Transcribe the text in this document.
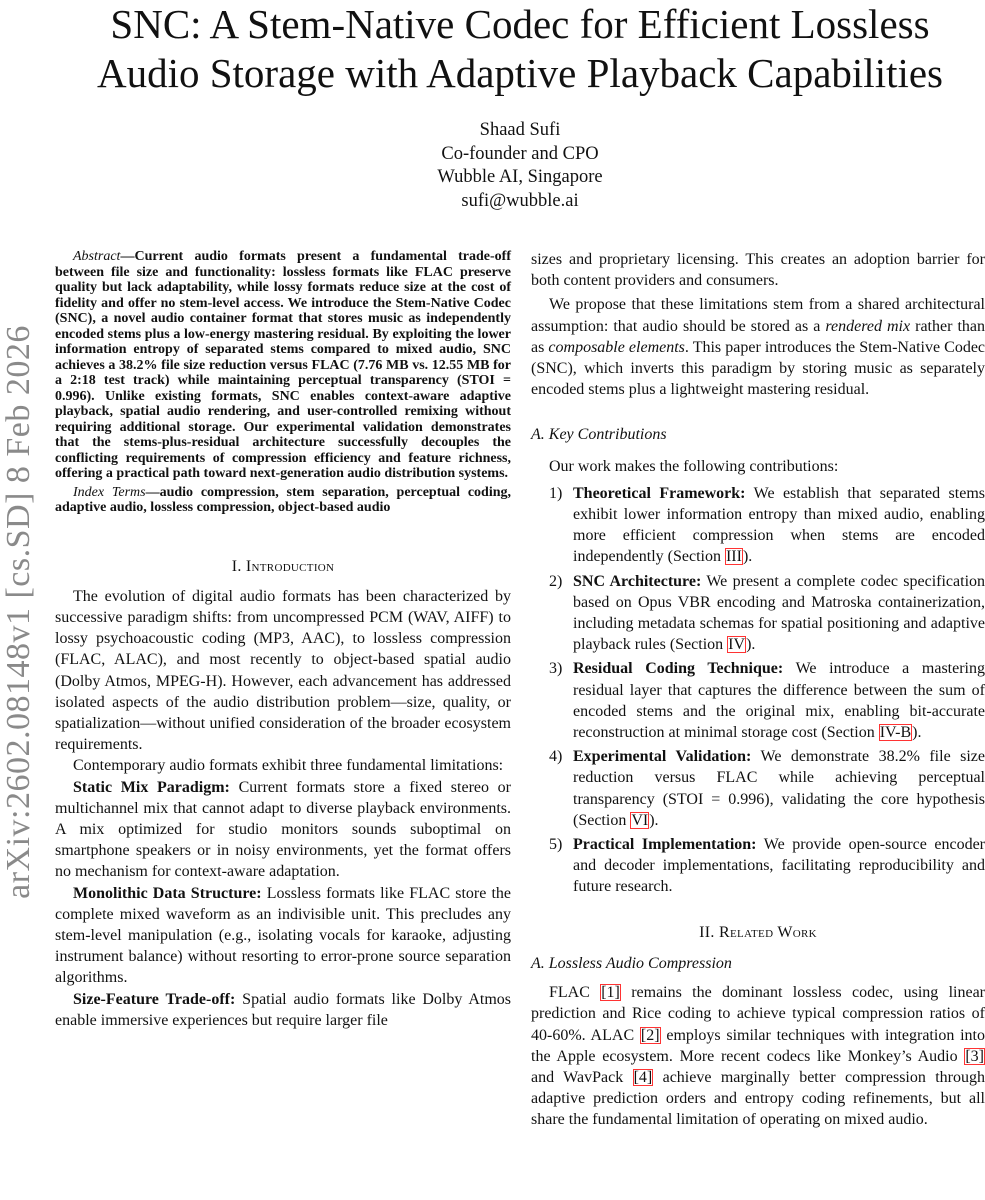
arXiv:2602.08148v1 [cs.SD] 8 Feb 2026
SNC: A Stem-Native Codec for Efficient Lossless
Audio Storage with Adaptive Playback Capabilities
Shaad Sufi
Co-founder and CPO
Wubble AI, Singapore
sufi@wubble.ai

Abstract—Current audio formats present a fundamental trade-off between file size and functionality: lossless formats like FLAC preserve quality but lack adaptability, while lossy formats reduce size at the cost of fidelity and offer no stem-level access. We introduce the Stem-Native Codec (SNC), a novel audio container format that stores music as independently encoded stems plus a low-energy mastering residual. By exploiting the lower information entropy of separated stems compared to mixed audio, SNC achieves a 38.2% file size reduction versus FLAC (7.76 MB vs. 12.55 MB for a 2:18 test track) while maintaining perceptual transparency (STOI = 0.996). Unlike existing formats, SNC enables context-aware adaptive playback, spatial audio rendering, and user-controlled remixing without requiring additional storage. Our experimental validation demonstrates that the stems-plus-residual architecture successfully decouples the conflicting requirements of compression efficiency and feature richness, offering a practical path toward next-generation audio distribution systems.

Index Terms—audio compression, stem separation, perceptual coding, adaptive audio, lossless compression, object-based audio

I. Introduction

The evolution of digital audio formats has been characterized by successive paradigm shifts: from uncompressed PCM (WAV, AIFF) to lossy psychoacoustic coding (MP3, AAC), to lossless compression (FLAC, ALAC), and most recently to object-based spatial audio (Dolby Atmos, MPEG-H). However, each advancement has addressed isolated aspects of the audio distribution problem—size, quality, or spatialization—without unified consideration of the broader ecosystem requirements.

Contemporary audio formats exhibit three fundamental limitations:

Static Mix Paradigm: Current formats store a fixed stereo or multichannel mix that cannot adapt to diverse playback environments. A mix optimized for studio monitors sounds suboptimal on smartphone speakers or in noisy environments, yet the format offers no mechanism for context-aware adaptation.

Monolithic Data Structure: Lossless formats like FLAC store the complete mixed waveform as an indivisible unit. This precludes any stem-level manipulation (e.g., isolating vocals for karaoke, adjusting instrument balance) without resorting to error-prone source separation algorithms.

Size-Feature Trade-off: Spatial audio formats like Dolby Atmos enable immersive experiences but require larger file

sizes and proprietary licensing. This creates an adoption barrier for both content providers and consumers.

We propose that these limitations stem from a shared architectural assumption: that audio should be stored as a rendered mix rather than as composable elements. This paper introduces the Stem-Native Codec (SNC), which inverts this paradigm by storing music as separately encoded stems plus a lightweight mastering residual.

A. Key Contributions

Our work makes the following contributions:

1) Theoretical Framework: We establish that separated stems exhibit lower information entropy than mixed audio, enabling more efficient compression when stems are encoded independently (Section III).
2) SNC Architecture: We present a complete codec specification based on Opus VBR encoding and Matroska containerization, including metadata schemas for spatial positioning and adaptive playback rules (Section IV).
3) Residual Coding Technique: We introduce a mastering residual layer that captures the difference between the sum of encoded stems and the original mix, enabling bit-accurate reconstruction at minimal storage cost (Section IV-B).
4) Experimental Validation: We demonstrate 38.2% file size reduction versus FLAC while achieving perceptual transparency (STOI = 0.996), validating the core hypothesis (Section VI).
5) Practical Implementation: We provide open-source encoder and decoder implementations, facilitating reproducibility and future research.
II. Related Work
A. Lossless Audio Compression

FLAC [1] remains the dominant lossless codec, using linear prediction and Rice coding to achieve typical compression ratios of 40-60%. ALAC [2] employs similar techniques with integration into the Apple ecosystem. More recent codecs like Monkey’s Audio [3] and WavPack [4] achieve marginally better compression through adaptive prediction orders and entropy coding refinements, but all share the fundamental limitation of operating on mixed audio.
